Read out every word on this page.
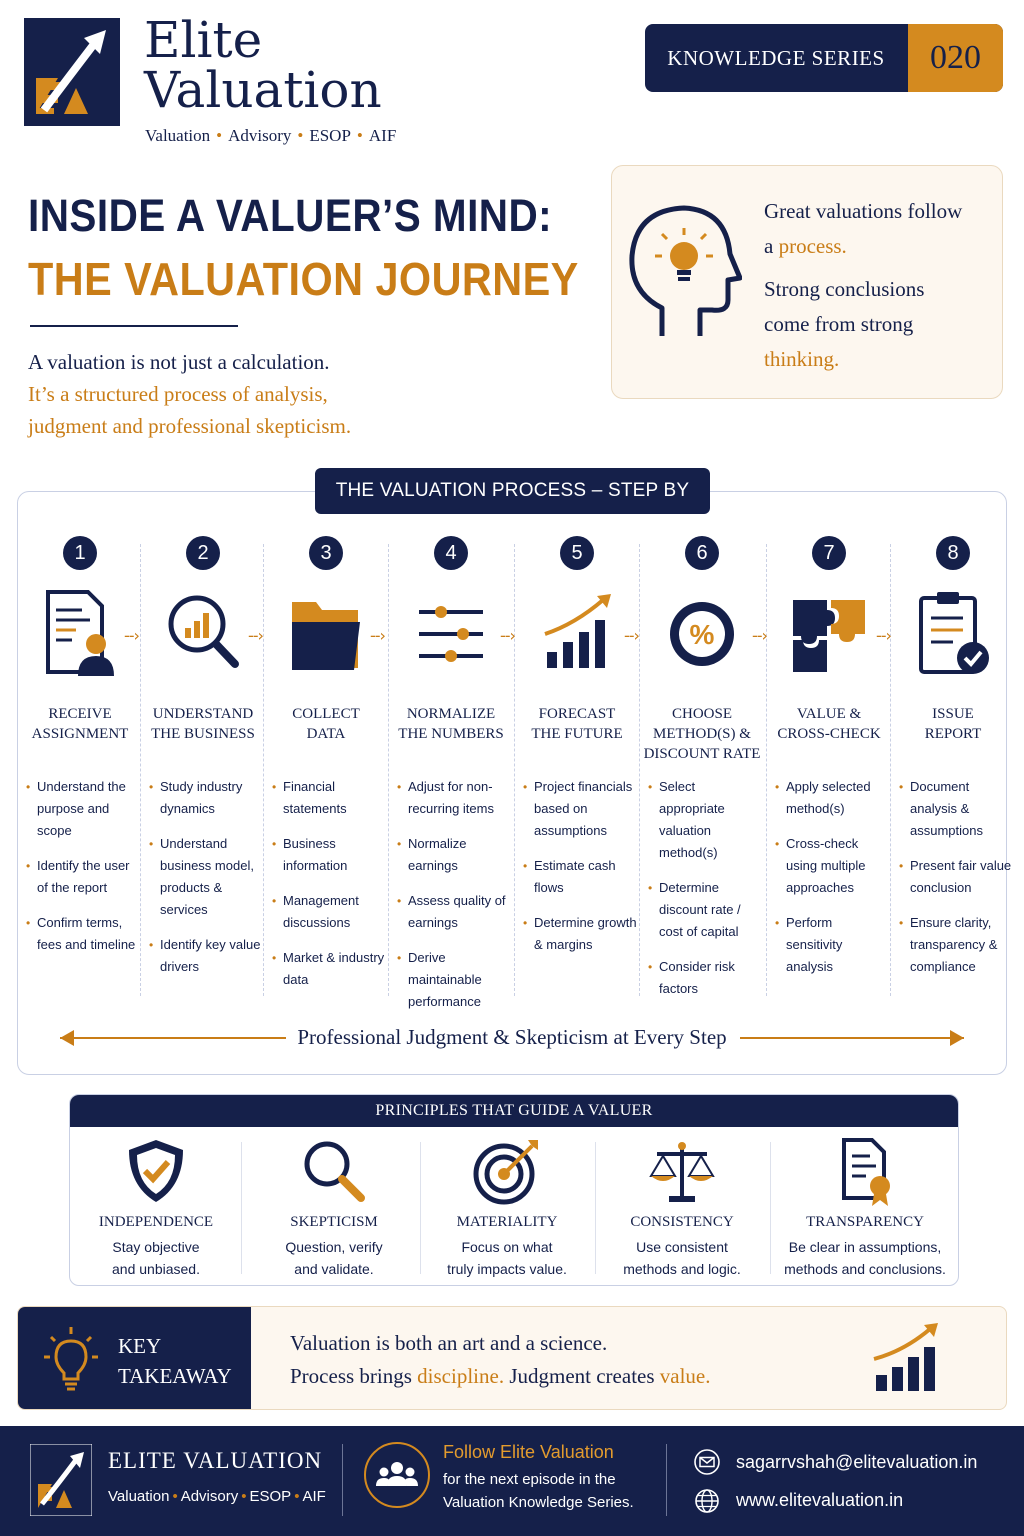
Elite
Valuation
Valuation • Advisory • ESOP • AIF
KNOWLEDGE SERIES	020
INSIDE A VALUER’S MIND:
THE VALUATION JOURNEY
A valuation is not just a calculation.
It’s a structured process of analysis,
judgment and professional skepticism.
Great valuations follow
a process.
Strong conclusions
come from strong
thinking.
THE VALUATION PROCESS – STEP BY STEP
--›	--›	--›	--›	--›	--›	--›
1
RECEIVE
ASSIGNMENT
• Understand the purpose and scope
• Identify the user of the report
• Confirm terms, fees and timeline
2
UNDERSTAND
THE BUSINESS
• Study industry dynamics
• Understand business model, products & services
• Identify key value drivers
3
COLLECT
DATA
• Financial statements
• Business information
• Management discussions
• Market & industry data
4
NORMALIZE
THE NUMBERS
• Adjust for non-recurring items
• Normalize earnings
• Assess quality of earnings
• Derive maintainable performance
5
FORECAST
THE FUTURE
• Project financials based on assumptions
• Estimate cash flows
• Determine growth & margins
6
%
CHOOSE
METHOD(S) &
DISCOUNT RATE
• Select appropriate valuation method(s)
• Determine discount rate / cost of capital
• Consider risk factors
7
VALUE &
CROSS-CHECK
• Apply selected method(s)
• Cross-check using multiple approaches
• Perform sensitivity analysis
8
ISSUE
REPORT
• Document analysis & assumptions
• Present fair value conclusion
• Ensure clarity, transparency & compliance
Professional Judgment & Skepticism at Every Step
PRINCIPLES THAT GUIDE A VALUER
INDEPENDENCE
Stay objective
and unbiased.
SKEPTICISM
Question, verify
and validate.
MATERIALITY
Focus on what
truly impacts value.
CONSISTENCY
Use consistent
methods and logic.
TRANSPARENCY
Be clear in assumptions,
methods and conclusions.
KEY
TAKEAWAY
Valuation is both an art and a science.
Process brings discipline. Judgment creates value.
ELITE VALUATION
Valuation • Advisory • ESOP • AIF
Follow Elite Valuation
for the next episode in the
Valuation Knowledge Series.
sagarrvshah@elitevaluation.in
www.elitevaluation.in
